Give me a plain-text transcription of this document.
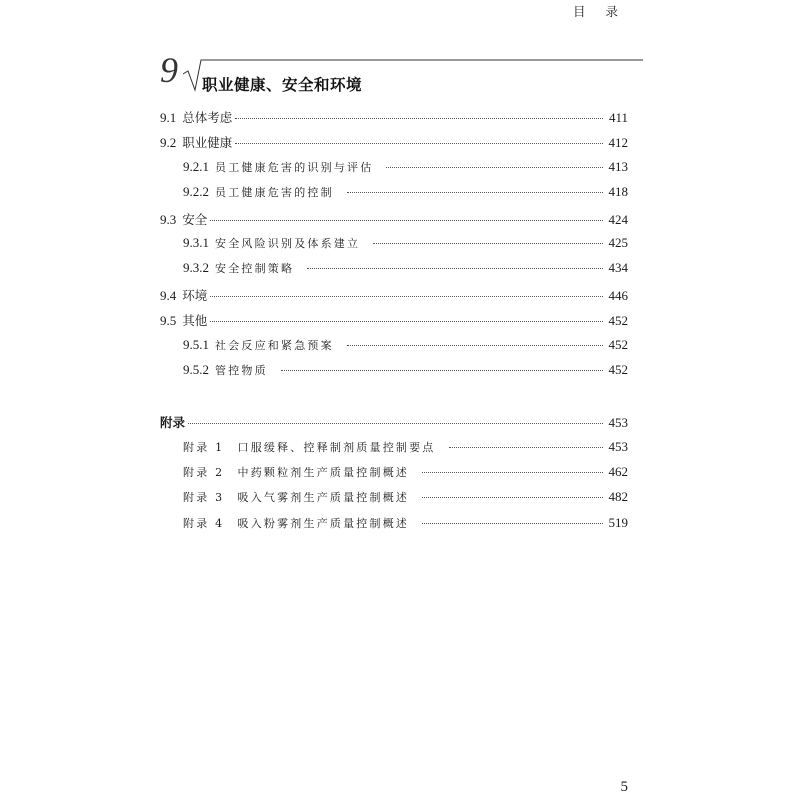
目 录
9 职业健康、安全和环境
9.1 总体考虑	411
9.2 职业健康	412
9.2.1 员工健康危害的识别与评估	413
9.2.2 员工健康危害的控制	418
9.3 安全	424
9.3.1 安全风险识别及体系建立	425
9.3.2 安全控制策略	434
9.4 环境	446
9.5 其他	452
9.5.1 社会反应和紧急预案	452
9.5.2 管控物质	452
附录	453
附录 1　口服缓释、控释制剂质量控制要点	453
附录 2　中药颗粒剂生产质量控制概述	462
附录 3　吸入气雾剂生产质量控制概述	482
附录 4　吸入粉雾剂生产质量控制概述	519
5
